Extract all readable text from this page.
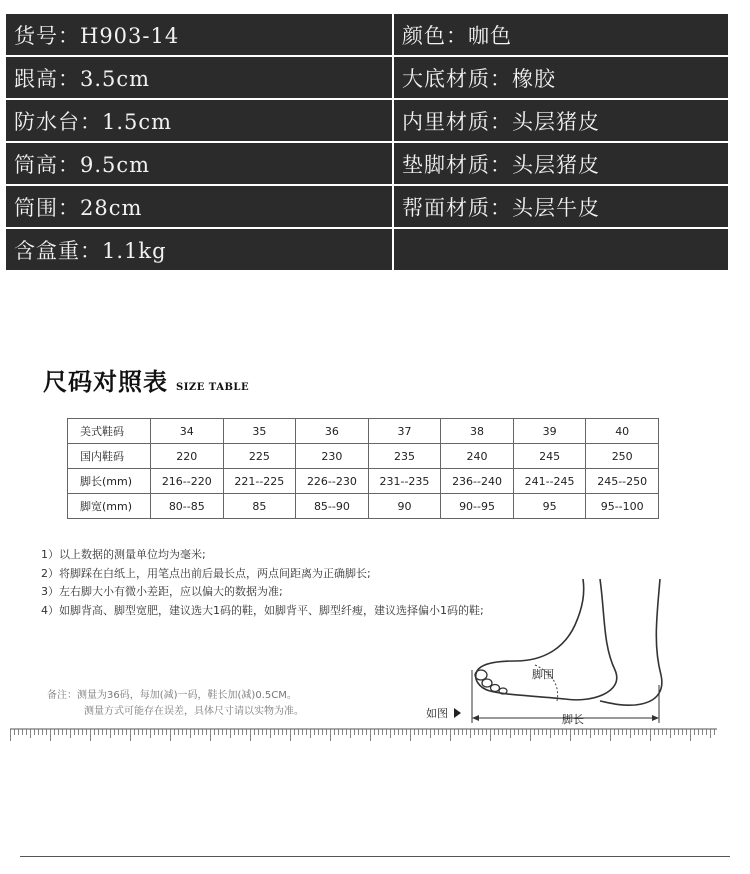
货号：H903-14	颜色：咖色
跟高：3.5cm	大底材质：橡胶
防水台：1.5cm	内里材质：头层猪皮
筒高：9.5cm	垫脚材质：头层猪皮
筒围：28cm	帮面材质：头层牛皮
含盒重：1.1kg
尺码对照表 SIZE TABLE
美式鞋码	34	35	36	37	38	39	40
国内鞋码	220	225	230	235	240	245	250
脚长(mm)	216--220	221--225	226--230	231--235	236--240	241--245	245--250
脚宽(mm)	80--85	85	85--90	90	90--95	95	95--100
1）以上数据的测量单位均为毫米;
2）将脚踩在白纸上，用笔点出前后最长点，两点间距离为正确脚长;
3）左右脚大小有微小差距，应以偏大的数据为准;
4）如脚背高、脚型宽肥，建议选大1码的鞋，如脚背平、脚型纤瘦，建议选择偏小1码的鞋;
备注：测量为36码，每加(减)一码，鞋长加(减)0.5CM。
测量方式可能存在误差，具体尺寸请以实物为准。
脚围
脚长
如图
